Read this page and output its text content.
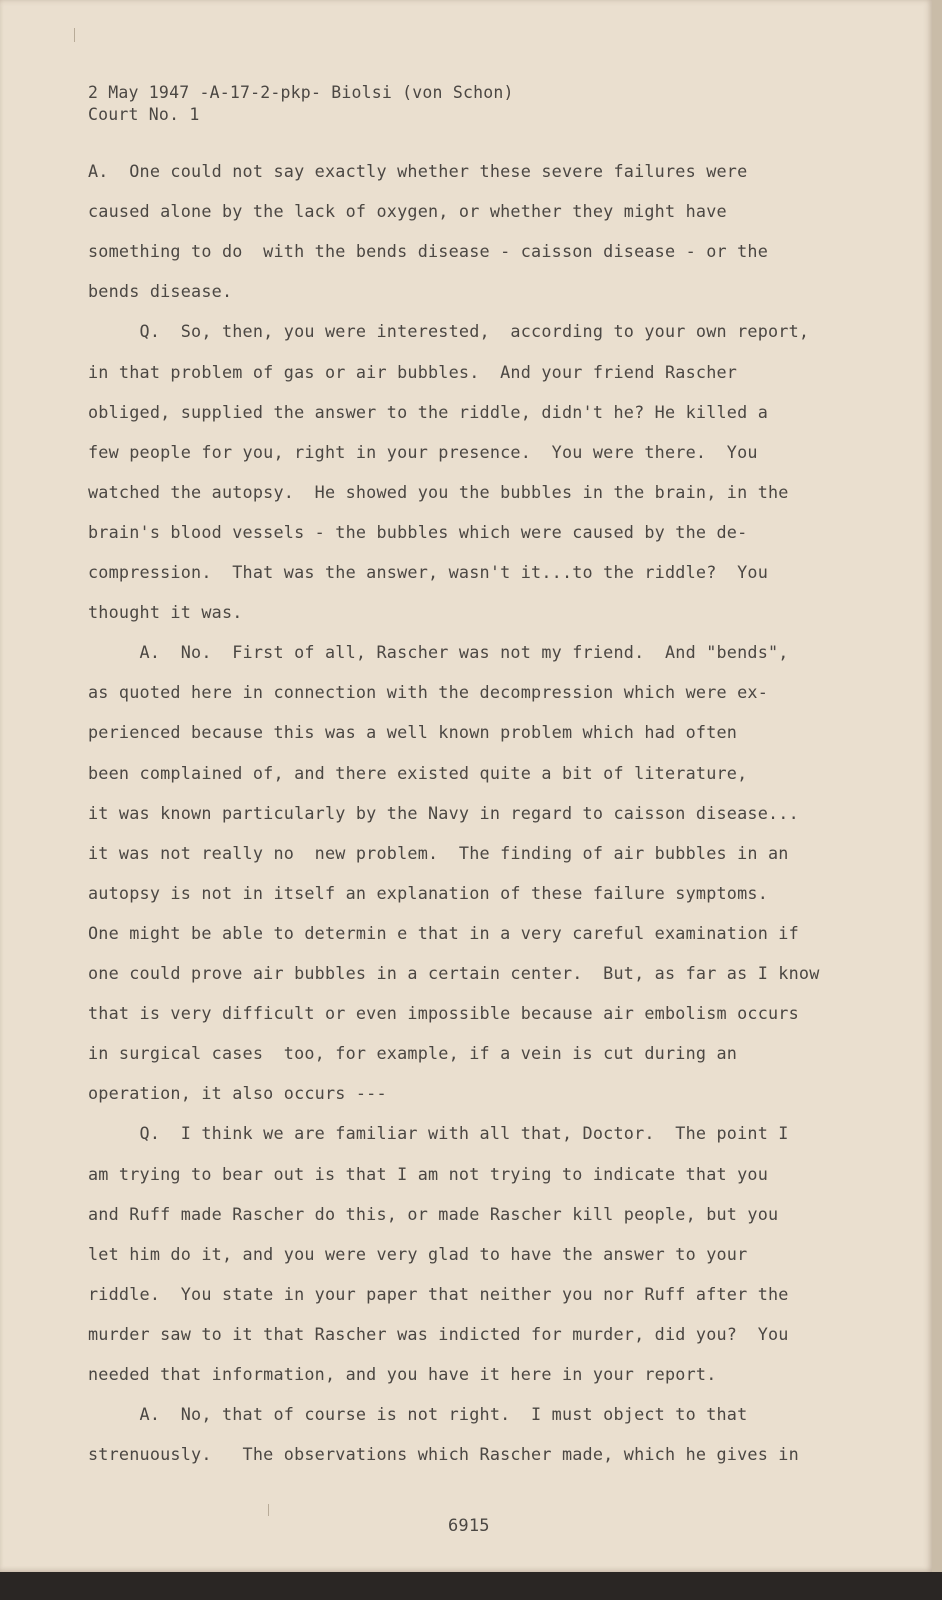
2 May 1947 -A-17-2-pkp- Biolsi (von Schon)
Court No. 1
A.  One could not say exactly whether these severe failures were
caused alone by the lack of oxygen, or whether they might have
something to do  with the bends disease - caisson disease - or the
bends disease.
Q.  So, then, you were interested,  according to your own report,
in that problem of gas or air bubbles.  And your friend Rascher
obliged, supplied the answer to the riddle, didn't he? He killed a
few people for you, right in your presence.  You were there.  You
watched the autopsy.  He showed you the bubbles in the brain, in the
brain's blood vessels - the bubbles which were caused by the de-
compression.  That was the answer, wasn't it...to the riddle?  You
thought it was.
A.  No.  First of all, Rascher was not my friend.  And "bends",
as quoted here in connection with the decompression which were ex-
perienced because this was a well known problem which had often
been complained of, and there existed quite a bit of literature,
it was known particularly by the Navy in regard to caisson disease...
it was not really no  new problem.  The finding of air bubbles in an
autopsy is not in itself an explanation of these failure symptoms.
One might be able to determin e that in a very careful examination if
one could prove air bubbles in a certain center.  But, as far as I know
that is very difficult or even impossible because air embolism occurs
in surgical cases  too, for example, if a vein is cut during an
operation, it also occurs ---
Q.  I think we are familiar with all that, Doctor.  The point I
am trying to bear out is that I am not trying to indicate that you
and Ruff made Rascher do this, or made Rascher kill people, but you
let him do it, and you were very glad to have the answer to your
riddle.  You state in your paper that neither you nor Ruff after the
murder saw to it that Rascher was indicted for murder, did you?  You
needed that information, and you have it here in your report.
A.  No, that of course is not right.  I must object to that
strenuously.   The observations which Rascher made, which he gives in
6915
